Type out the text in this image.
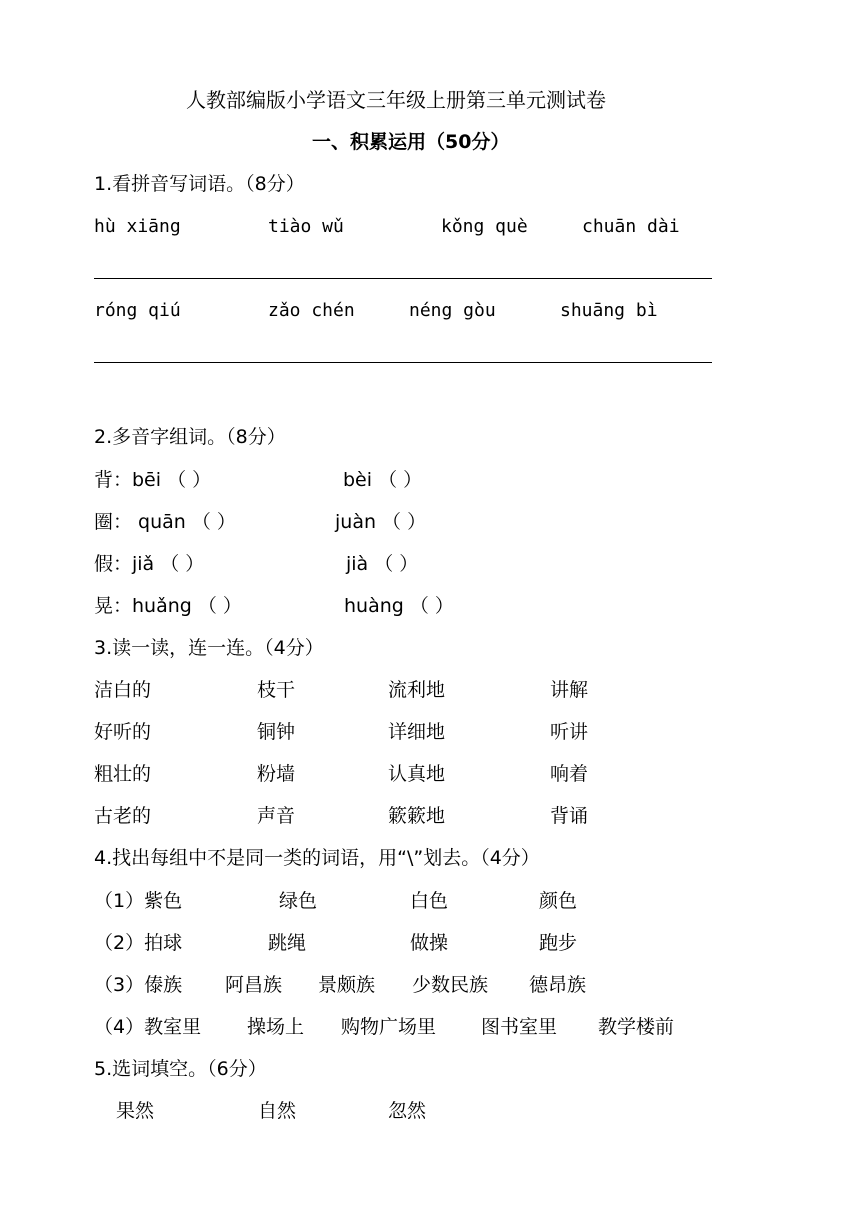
人教部编版小学语文三年级上册第三单元测试卷
一、积累运用（50分）
1.看拼音写词语。（8分）
hù xiāng	tiào wǔ	kǒng què	chuān dài
róng qiú	zǎo chén	néng gòu	shuāng bì
2.多音字组词。（8分）
背：bēi （ ）	bèi （ ）
圈： quān （ ）	juàn （ ）
假：jiǎ （ ）	jià （ ）
晃：huǎng （ ）	huàng （ ）
3.读一读，连一连。（4分）
洁白的	枝干	流利地	讲解
好听的	铜钟	详细地	听讲
粗壮的	粉墙	认真地	响着
古老的	声音	簌簌地	背诵
4.找出每组中不是同一类的词语，用“\”划去。（4分）
（1）紫色	绿色	白色	颜色
（2）拍球	跳绳	做操	跑步
（3）傣族 阿昌族 景颇族 少数民族 德昂族
（4）教室里 操场上 购物广场里 图书室里 教学楼前
5.选词填空。（6分）
果然	自然	忽然
